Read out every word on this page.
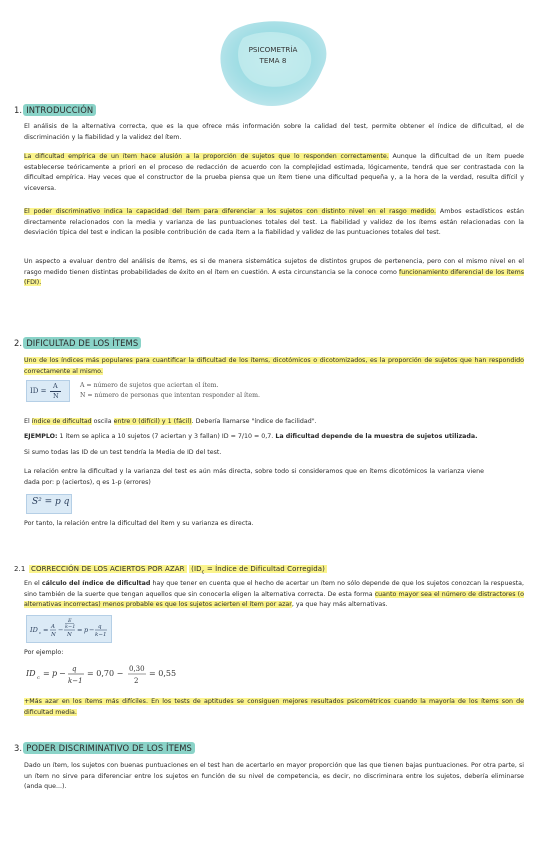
PSICOMETRÍA
TEMA 8
1. INTRODUCCIÓN
El análisis de la alternativa correcta, que es la que ofrece más información sobre la calidad del test, permite obtener el índice de dificultad, el de discriminación y la fiabilidad y la validez del ítem.
La dificultad empírica de un ítem hace alusión a la proporción de sujetos que lo responden correctamente. Aunque la dificultad de un ítem puede establecerse teóricamente a priori en el proceso de redacción de acuerdo con la complejidad estimada, lógicamente, tendrá que ser contrastada con la dificultad empírica. Hay veces que el constructor de la prueba piensa que un ítem tiene una dificultad pequeña y, a la hora de la verdad, resulta difícil y viceversa.
El poder discriminativo indica la capacidad del ítem para diferenciar a los sujetos con distinto nivel en el rasgo medido. Ambos estadísticos están directamente relacionados con la media y varianza de las puntuaciones totales del test. La fiabilidad y validez de los ítems están relacionadas con la desviación típica del test e indican la posible contribución de cada ítem a la fiabilidad y validez de las puntuaciones totales del test.
Un aspecto a evaluar dentro del análisis de ítems, es si de manera sistemática sujetos de distintos grupos de pertenencia, pero con el mismo nivel en el rasgo medido tienen distintas probabilidades de éxito en el ítem en cuestión. A esta circunstancia se la conoce como funcionamiento diferencial de los ítems (FDI).
2. DIFICULTAD DE LOS ÍTEMS
Uno de los índices más populares para cuantificar la dificultad de los ítems, dicotómicos o dicotomizados, es la proporción de sujetos que han respondido correctamente al mismo.
ID =
A
N
A = número de sujetos que aciertan el ítem.
N = número de personas que intentan responder al ítem.
El índice de dificultad oscila entre 0 (difícil) y 1 (fácil). Debería llamarse "índice de facilidad".
EJEMPLO: 1 ítem se aplica a 10 sujetos (7 aciertan y 3 fallan) ID = 7/10 = 0,7. La dificultad depende de la muestra de sujetos utilizada.
Si sumo todas las ID de un test tendría la Media de ID del test.
La relación entre la dificultad y la varianza del test es aún más directa, sobre todo si consideramos que en ítems dicotómicos la varianza viene dada por: p (aciertos), q es 1-p (errores)
S² = p q
Por tanto, la relación entre la dificultad del ítem y su varianza es directa.
2.1 CORRECCIÓN DE LOS ACIERTOS POR AZAR ($ID_c$ = Índice de Dificultad Corregida)
En el cálculo del índice de dificultad hay que tener en cuenta que el hecho de acertar un ítem no sólo depende de que los sujetos conozcan la respuesta, sino también de la suerte que tengan aquellos que sin conocerla eligen la alternativa correcta. De esta forma cuanto mayor sea el número de distractores (o alternativas incorrectas) menos probable es que los sujetos acierten el ítem por azar, ya que hay más alternativas.
ID c = A
N
−
E
k−1
N
= p − q
k−1
Por ejemplo:
ID c = p − q
k−1
= 0,70 − 0,30
2
= 0,55
+Más azar en los ítems más difíciles. En los tests de aptitudes se consiguen mejores resultados psicométricos cuando la mayoría de los ítems son de dificultad media.
3. PODER DISCRIMINATIVO DE LOS ÍTEMS
Dado un ítem, los sujetos con buenas puntuaciones en el test han de acertarlo en mayor proporción que las que tienen bajas puntuaciones. Por otra parte, si un ítem no sirve para diferenciar entre los sujetos en función de su nivel de competencia, es decir, no discriminara entre los sujetos, debería eliminarse (anda que...).
